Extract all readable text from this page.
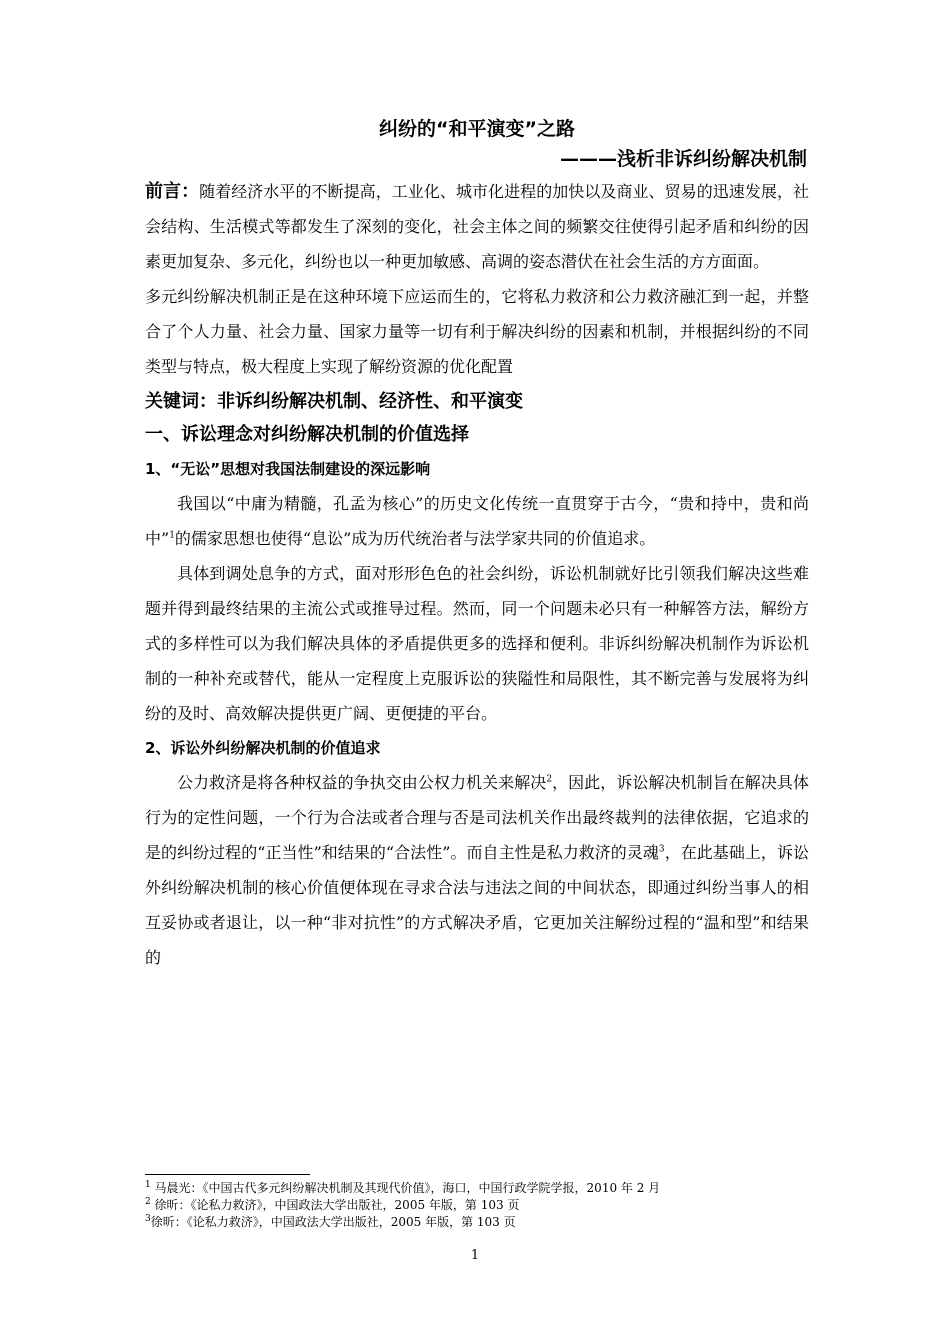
纠纷的“和平演变”之路
———浅析非诉纠纷解决机制

前言：随着经济水平的不断提高，工业化、城市化进程的加快以及商业、贸易的迅速发展，社会结构、生活模式等都发生了深刻的变化，社会主体之间的频繁交往使得引起矛盾和纠纷的因素更加复杂、多元化，纠纷也以一种更加敏感、高调的姿态潜伏在社会生活的方方面面。

多元纠纷解决机制正是在这种环境下应运而生的，它将私力救济和公力救济融汇到一起，并整合了个人力量、社会力量、国家力量等一切有利于解决纠纷的因素和机制，并根据纠纷的不同类型与特点，极大程度上实现了解纷资源的优化配置

关键词：非诉纠纷解决机制、经济性、和平演变
一、诉讼理念对纠纷解决机制的价值选择
1、“无讼”思想对我国法制建设的深远影响

我国以“中庸为精髓，孔孟为核心”的历史文化传统一直贯穿于古今，“贵和持中，贵和尚中”$^1$的儒家思想也使得“息讼”成为历代统治者与法学家共同的价值追求。

具体到调处息争的方式，面对形形色色的社会纠纷，诉讼机制就好比引领我们解决这些难题并得到最终结果的主流公式或推导过程。然而，同一个问题未必只有一种解答方法，解纷方式的多样性可以为我们解决具体的矛盾提供更多的选择和便利。非诉纠纷解决机制作为诉讼机制的一种补充或替代，能从一定程度上克服诉讼的狭隘性和局限性，其不断完善与发展将为纠纷的及时、高效解决提供更广阔、更便捷的平台。

2、诉讼外纠纷解决机制的价值追求

公力救济是将各种权益的争执交由公权力机关来解决$^2$，因此，诉讼解决机制旨在解决具体行为的定性问题，一个行为合法或者合理与否是司法机关作出最终裁判的法律依据，它追求的是的纠纷过程的“正当性”和结果的“合法性”。而自主性是私力救济的灵魂$^3$，在此基础上，诉讼外纠纷解决机制的核心价值便体现在寻求合法与违法之间的中间状态，即通过纠纷当事人的相互妥协或者退让，以一种“非对抗性”的方式解决矛盾，它更加关注解纷过程的“温和型”和结果的

$^1$ 马晨光：《中国古代多元纠纷解决机制及其现代价值》，海口，中国行政学院学报，2010 年 2 月

$^2$ 徐昕：《论私力救济》，中国政法大学出版社，2005 年版，第 103 页

$^3$徐昕：《论私力救济》，中国政法大学出版社，2005 年版，第 103 页

1
